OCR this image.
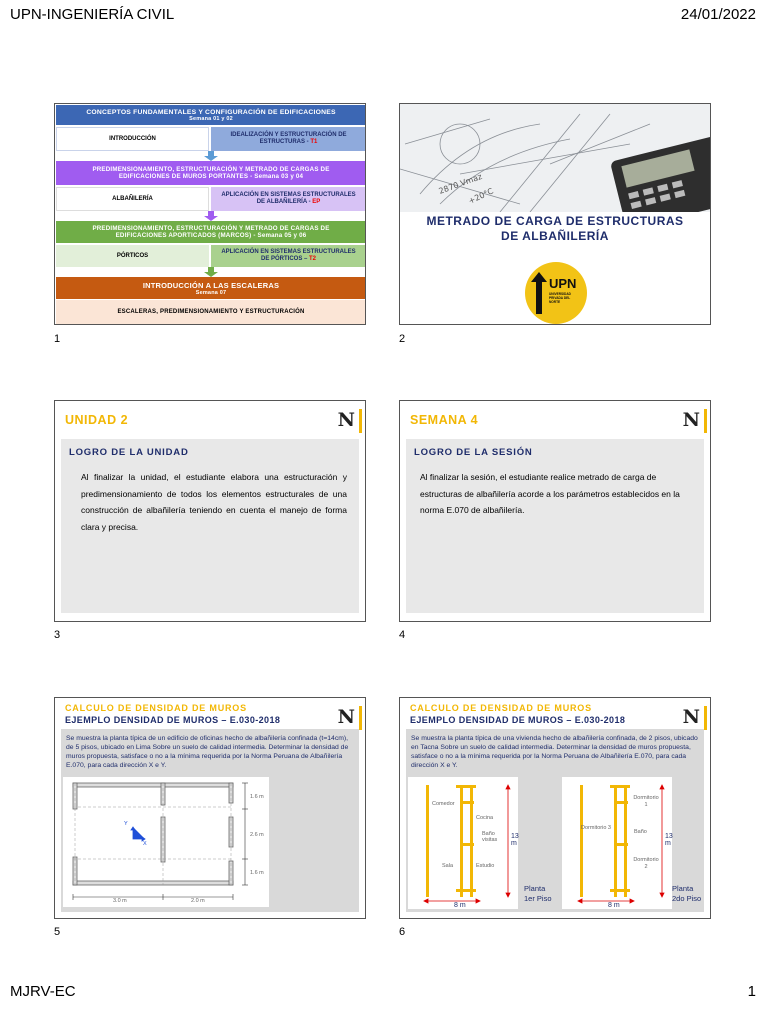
UPN-INGENIERÍA CIVIL	24/01/2022
MJRV-EC	1
1	2
3	4
5	6
CONCEPTOS FUNDAMENTALES Y CONFIGURACIÓN DE EDIFICACIONES
Semana 01 y 02
INTRODUCCIÓN
IDEALIZACIÓN Y ESTRUCTURACIÓN DE ESTRUCTURAS - T1
PREDIMENSIONAMIENTO, ESTRUCTURACIÓN Y METRADO DE CARGAS DE EDIFICACIONES DE MUROS PORTANTES - Semana 03 y 04
ALBAÑILERÍA
APLICACIÓN EN SISTEMAS ESTRUCTURALES DE ALBAÑILERÍA - EP
PREDIMENSIONAMIENTO, ESTRUCTURACIÓN Y METRADO DE CARGAS DE EDIFICACIONES APORTICADOS (MARCOS) - Semana 05 y 06
PÓRTICOS
APLICACIÓN EN SISTEMAS ESTRUCTURALES DE PÓRTICOS – T2
INTRODUCCIÓN A LAS ESCALERAS
Semana 07
ESCALERAS, PREDIMENSIONAMIENTO Y ESTRUCTURACIÓN
2870 Vmaz
+20°C
METRADO DE CARGA DE ESTRUCTURAS
DE ALBAÑILERÍA
UPN
UNIVERSIDAD PRIVADA DEL NORTE
UNIDAD 2	N
LOGRO DE LA UNIDAD
Al finalizar la unidad, el estudiante elabora una estructuración y predimensionamiento de todos los elementos estructurales de una construcción de albañilería teniendo en cuenta el manejo de forma clara y precisa.
SEMANA 4	N
LOGRO DE LA SESIÓN
Al finalizar la sesión, el estudiante realice metrado de carga de estructuras de albañilería acorde a los parámetros establecidos en la norma E.070 de albañilería.
CALCULO DE DENSIDAD DE MUROS
EJEMPLO DENSIDAD DE MUROS – E.030-2018	N
Se muestra la planta típica de un edificio de oficinas hecho de albañilería confinada (t=14cm), de 5 pisos, ubicado en Lima Sobre un suelo de calidad intermedia. Determinar la densidad de muros propuesta, satisface o no a la mínima requerida por la Norma Peruana de Albañilería E.070, para cada dirección X e Y.
1.6 m
2.6 m
1.6 m
3.0 m	2.0 m
Y
X
CALCULO DE DENSIDAD DE MUROS
EJEMPLO DENSIDAD DE MUROS – E.030-2018	N
Se muestra la planta típica de una vivienda hecho de albañilería confinada, de 2 pisos, ubicado en Tacna Sobre un suelo de calidad intermedia. Determinar la densidad de muros propuesta, satisface o no a la mínima requerida por la Norma Peruana de Albañilería E.070, para cada dirección X e Y.
Comedor
Cocina
Baño visitas
Sala	Estudio
13 m
8 m
Planta 1er Piso
Dormitorio 1
Baño
Dormitorio 3
Dormitorio 2
13 m
8 m
Planta 2do Piso
